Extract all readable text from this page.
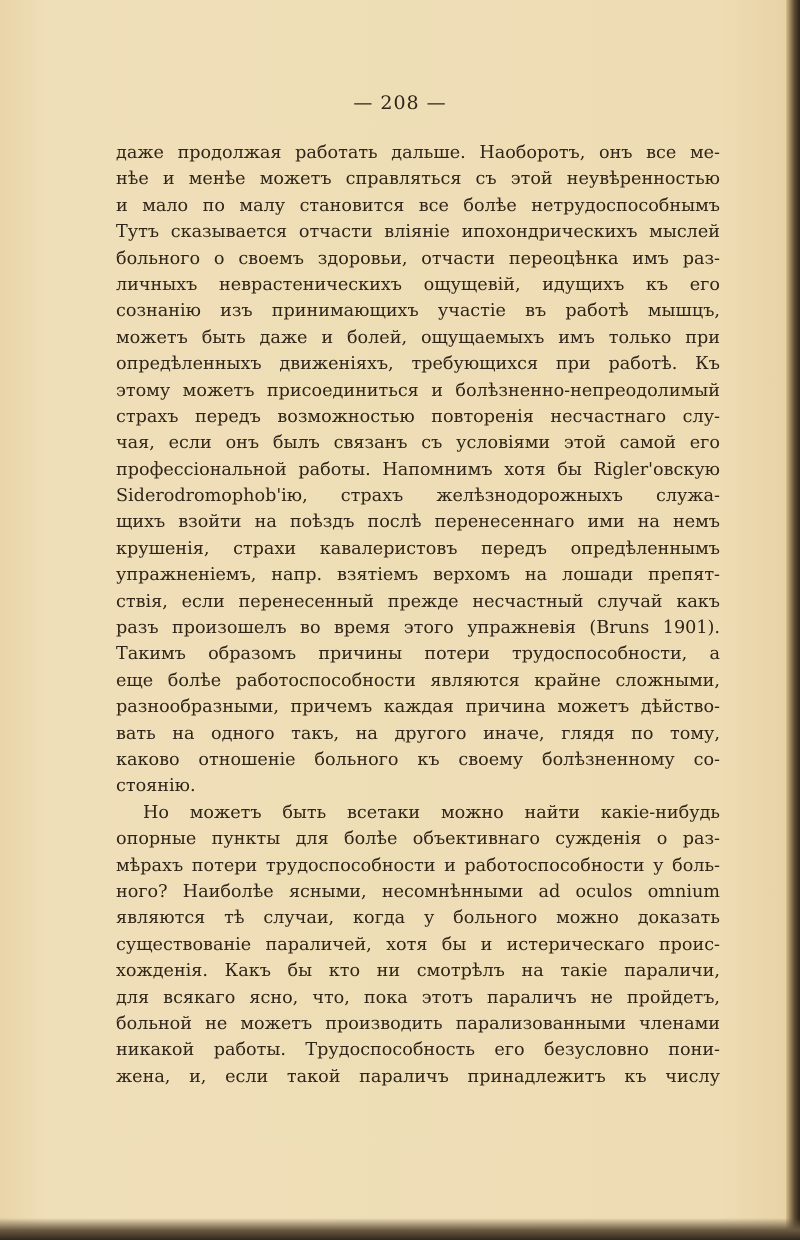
— 208 —
даже продолжая работать дальше. Наоборотъ, онъ все ме-
нѣе и менѣе можетъ справляться съ этой неувѣренностью
и мало по малу становится все болѣе нетрудоспособнымъ
Тутъ сказывается отчасти вліяніе ипохондрическихъ мыслей
больного о своемъ здоровьи, отчасти переоцѣнка имъ раз-
личныхъ неврастеническихъ ощущевій, идущихъ къ его
сознанію изъ принимающихъ участіе въ работѣ мышцъ,
можетъ быть даже и болей, ощущаемыхъ имъ только при
опредѣленныхъ движеніяхъ, требующихся при работѣ. Къ
этому можетъ присоединиться и болѣзненно-непреодолимый
страхъ передъ возможностью повторенія несчастнаго слу-
чая, если онъ былъ связанъ съ условіями этой самой его
профессіональной работы. Напомнимъ хотя бы Rigler'овскую
Siderodromophob'ію, страхъ желѣзнодорожныхъ служа-
щихъ взойти на поѣздъ послѣ перенесеннаго ими на немъ
крушенія, страхи кавалеристовъ передъ опредѣленнымъ
упражненіемъ, напр. взятіемъ верхомъ на лошади препят-
ствія, если перенесенный прежде несчастный случай какъ
разъ произошелъ во время этого упражневія (Bruns 1901).
Такимъ образомъ причины потери трудоспособности, а
еще болѣе работоспособности являются крайне сложными,
разнообразными, причемъ каждая причина можетъ дѣйство-
вать на одного такъ, на другого иначе, глядя по тому,
каково отношеніе больного къ своему болѣзненному со-
стоянію.
Но можетъ быть всетаки можно найти какіе-нибудь
опорные пункты для болѣе объективнаго сужденія о раз-
мѣрахъ потери трудоспособности и работоспособности у боль-
ного? Наиболѣе ясными, несомнѣнными ad oculos omnium
являются тѣ случаи, когда у больного можно доказать
существованіе параличей, хотя бы и истерическаго проис-
хожденія. Какъ бы кто ни смотрѣлъ на такіе параличи,
для всякаго ясно, что, пока этотъ параличъ не пройдетъ,
больной не можетъ производить парализованными членами
никакой работы. Трудоспособность его безусловно пони-
жена, и, если такой параличъ принадлежитъ къ числу
